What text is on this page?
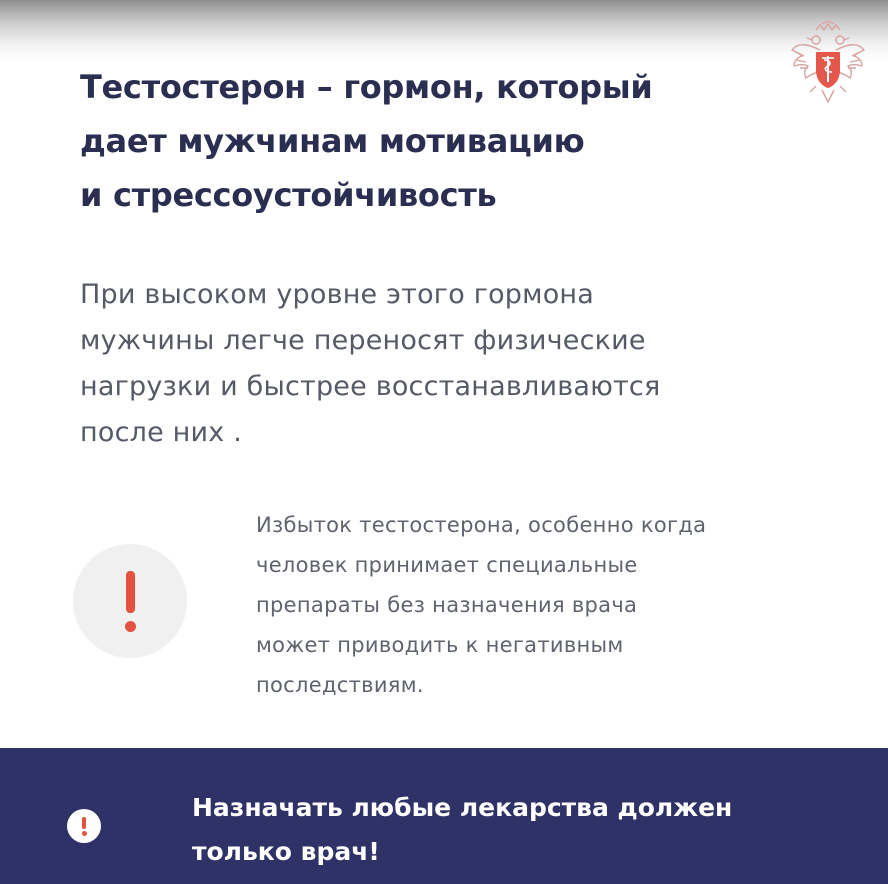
Тестостерон – гормон, который
дает мужчинам мотивацию
и стрессоустойчивость

При высоком уровне этого гормона
мужчины легче переносят физические
нагрузки и быстрее восстанавливаются
после них .

Избыток тестостерона, особенно когда
человек принимает специальные
препараты без назначения врача
может приводить к негативным
последствиям.

Назначать любые лекарства должен
только врач!
